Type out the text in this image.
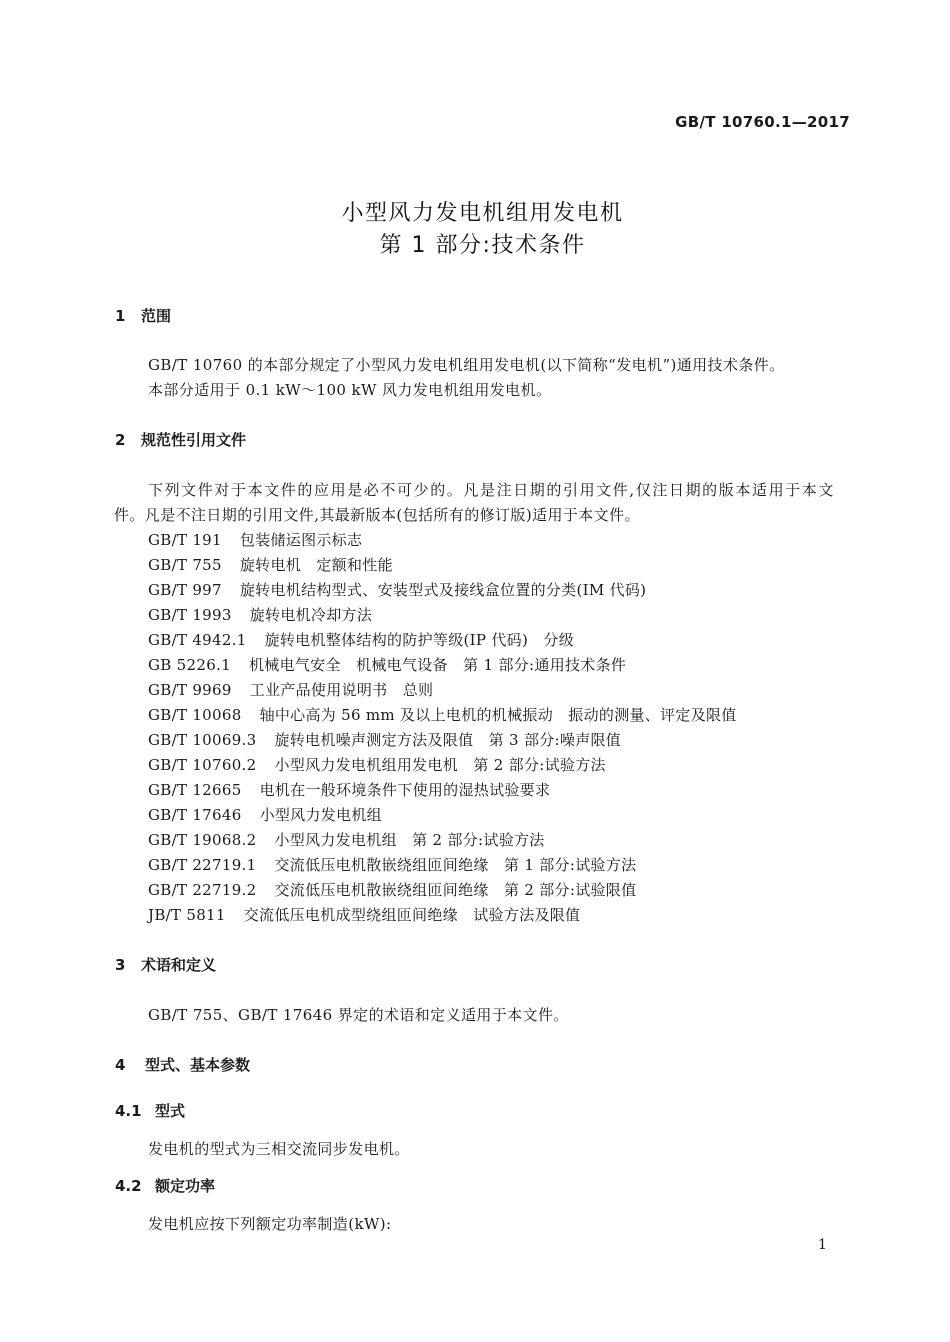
GB/T 10760.1—2017
小型风力发电机组用发电机
第 1 部分:技术条件
1 范围
GB/T 10760 的本部分规定了小型风力发电机组用发电机(以下简称“发电机”)通用技术条件。
本部分适用于 0.1 kW～100 kW 风力发电机组用发电机。
2 规范性引用文件
下列文件对于本文件的应用是必不可少的。凡是注日期的引用文件,仅注日期的版本适用于本文
件。凡是不注日期的引用文件,其最新版本(包括所有的修订版)适用于本文件。
GB/T 191 包装储运图示标志
GB/T 755 旋转电机　定额和性能
GB/T 997 旋转电机结构型式、安装型式及接线盒位置的分类(IM 代码)
GB/T 1993 旋转电机冷却方法
GB/T 4942.1 旋转电机整体结构的防护等级(IP 代码)　分级
GB 5226.1 机械电气安全　机械电气设备　第 1 部分:通用技术条件
GB/T 9969 工业产品使用说明书　总则
GB/T 10068 轴中心高为 56 mm 及以上电机的机械振动　振动的测量、评定及限值
GB/T 10069.3 旋转电机噪声测定方法及限值　第 3 部分:噪声限值
GB/T 10760.2 小型风力发电机组用发电机　第 2 部分:试验方法
GB/T 12665 电机在一般环境条件下使用的湿热试验要求
GB/T 17646 小型风力发电机组
GB/T 19068.2 小型风力发电机组　第 2 部分:试验方法
GB/T 22719.1 交流低压电机散嵌绕组匝间绝缘　第 1 部分:试验方法
GB/T 22719.2 交流低压电机散嵌绕组匝间绝缘　第 2 部分:试验限值
JB/T 5811 交流低压电机成型绕组匝间绝缘　试验方法及限值
3 术语和定义
GB/T 755、GB/T 17646 界定的术语和定义适用于本文件。
4 型式、基本参数
4.1 型式
发电机的型式为三相交流同步发电机。
4.2 额定功率
发电机应按下列额定功率制造(kW):
1
